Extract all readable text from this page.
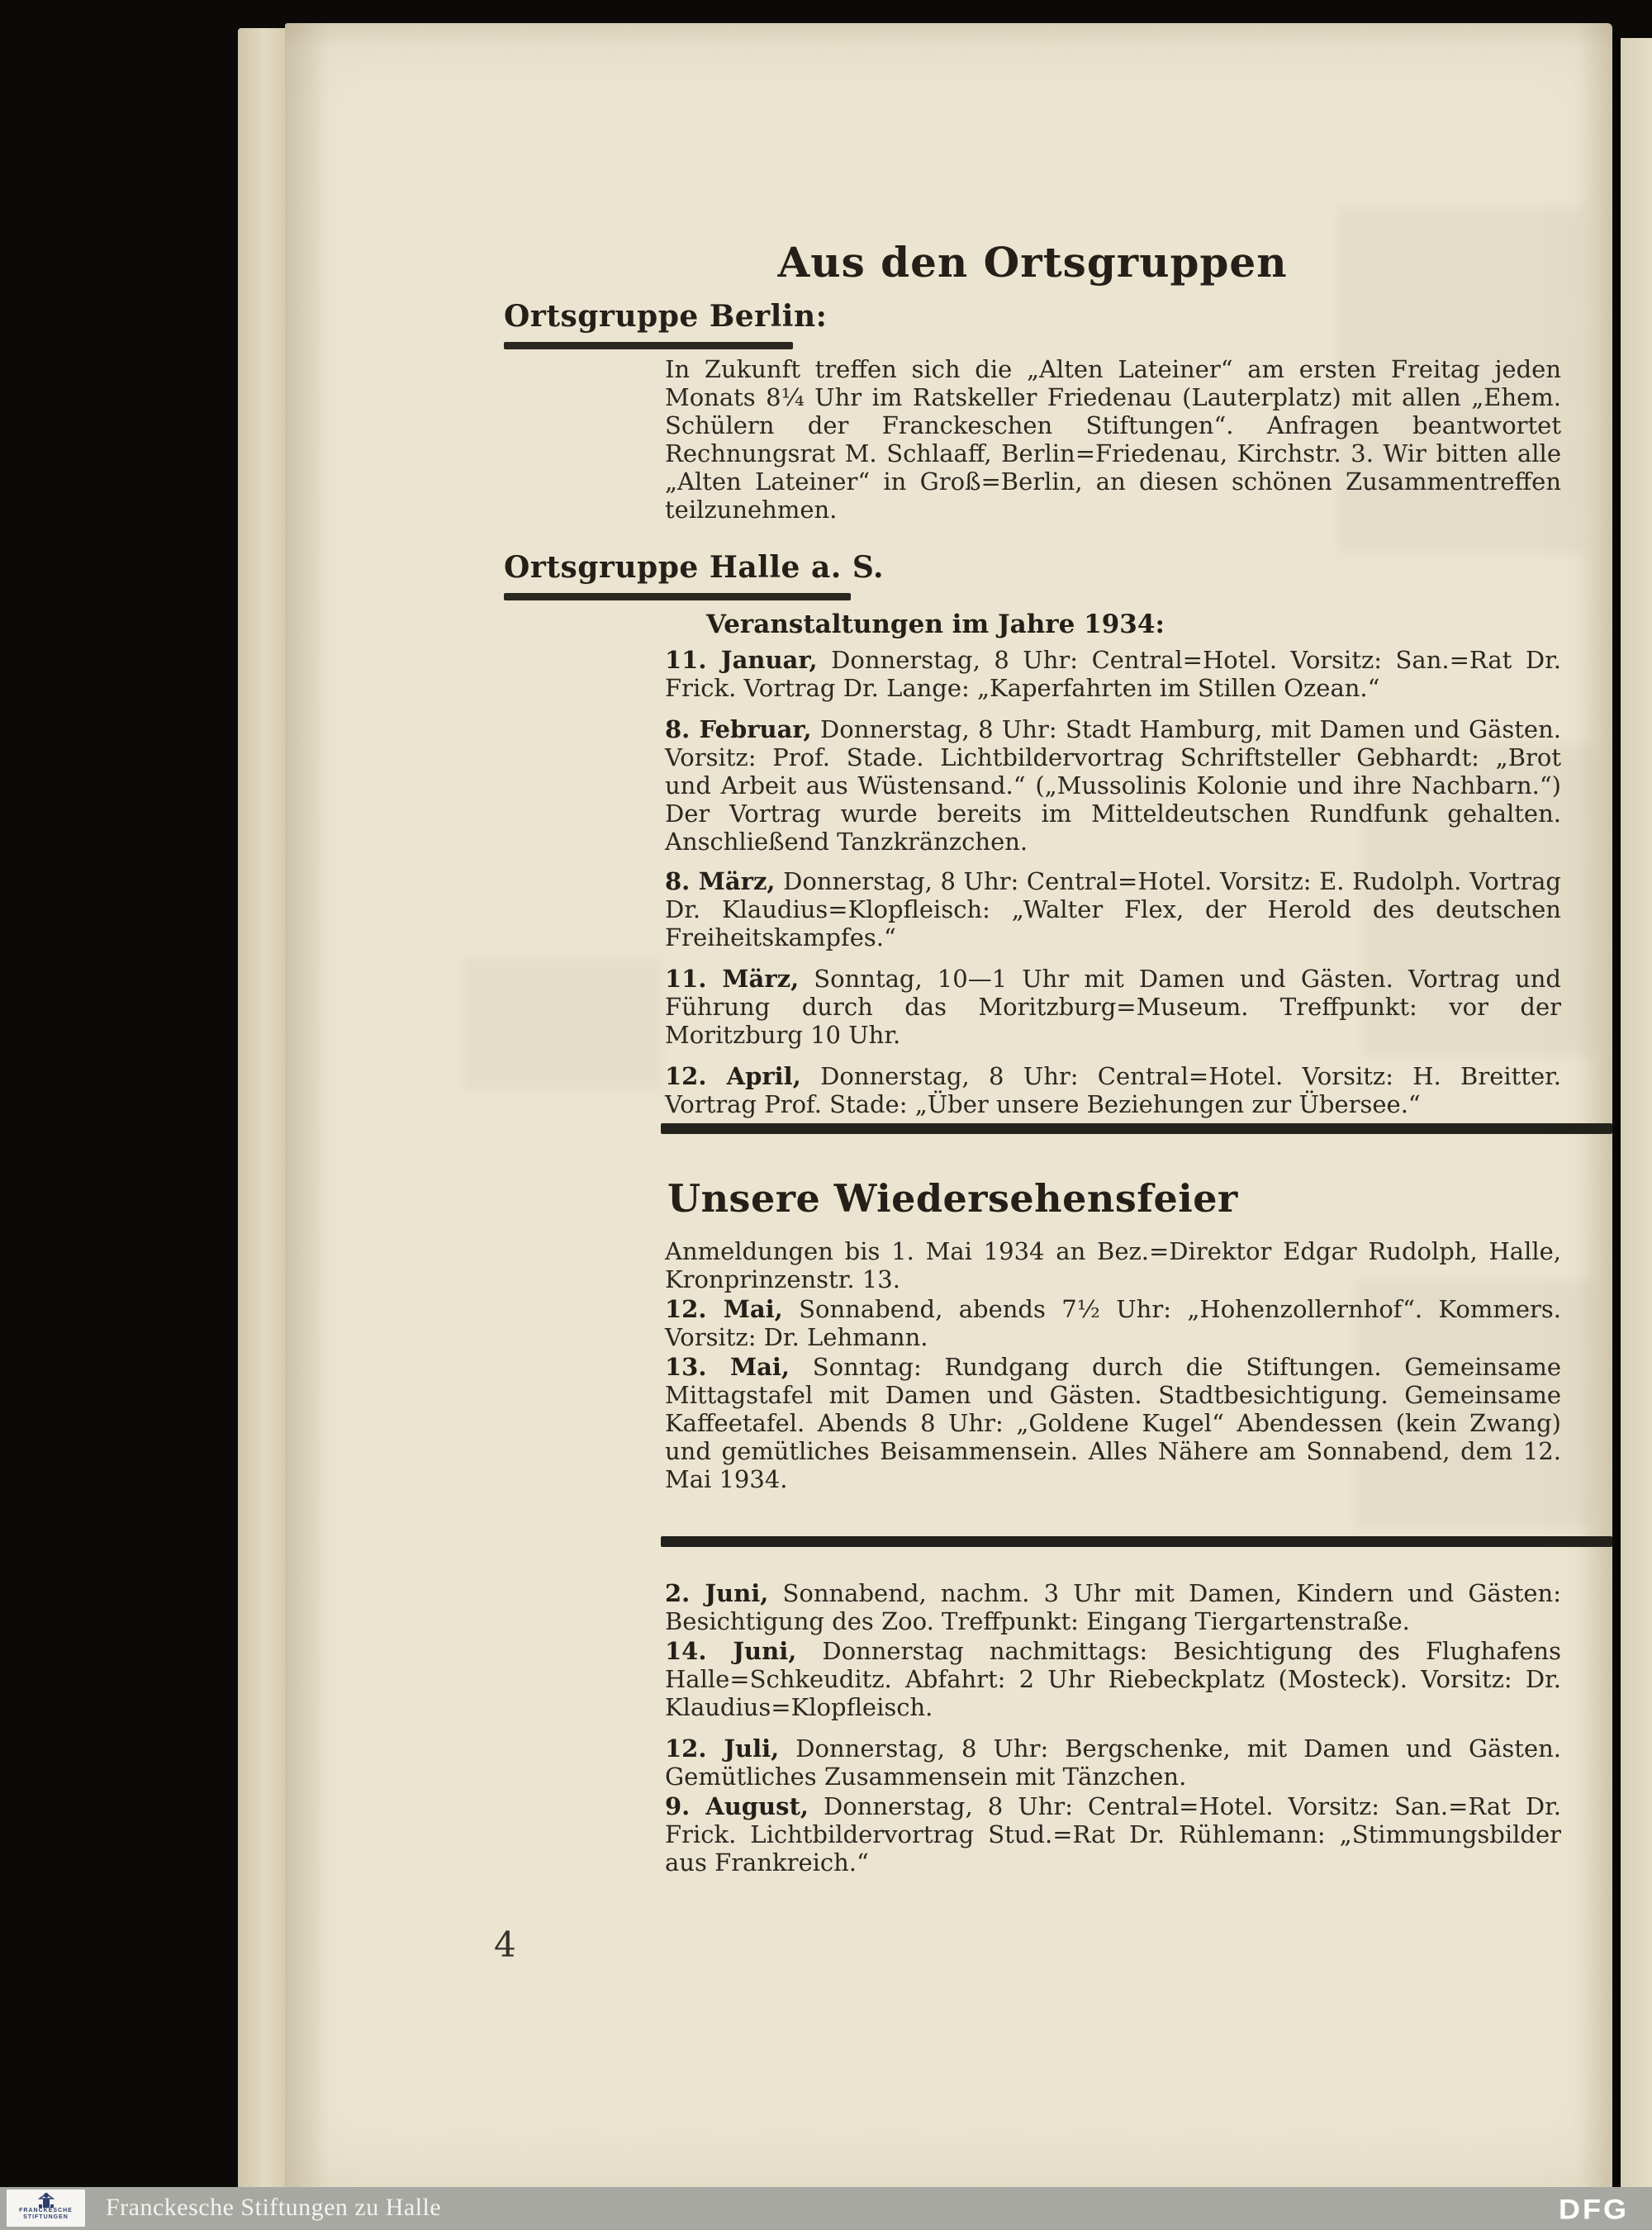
Aus den Ortsgruppen
Ortsgruppe Berlin:

In Zukunft treffen sich die „Alten Lateiner“ am ersten Freitag jeden Monats 8¼ Uhr im Ratskeller Friedenau (Lauterplatz) mit allen „Ehem. Schülern der Franckeschen Stiftungen“. Anfragen beantwortet Rechnungsrat M. Schlaaff, Berlin=Friedenau, Kirchstr. 3. Wir bitten alle „Alten Lateiner“ in Groß=Berlin, an diesen schönen Zusammentreffen teilzunehmen.

Ortsgruppe Halle a. S.
Veranstaltungen im Jahre 1934:

11. Januar, Donnerstag, 8 Uhr: Central=Hotel. Vorsitz: San.=Rat Dr. Frick. Vortrag Dr. Lange: „Kaperfahrten im Stillen Ozean.“

8. Februar, Donnerstag, 8 Uhr: Stadt Hamburg, mit Damen und Gästen. Vorsitz: Prof. Stade. Lichtbildervortrag Schriftsteller Gebhardt: „Brot und Arbeit aus Wüstensand.“ („Mussolinis Kolonie und ihre Nachbarn.“) Der Vortrag wurde bereits im Mitteldeutschen Rundfunk gehalten. Anschließend Tanzkränzchen.

8. März, Donnerstag, 8 Uhr: Central=Hotel. Vorsitz: E. Rudolph. Vortrag Dr. Klaudius=Klopfleisch: „Walter Flex, der Herold des deutschen Freiheitskampfes.“

11. März, Sonntag, 10—1 Uhr mit Damen und Gästen. Vortrag und Führung durch das Moritzburg=Museum. Treffpunkt: vor der Moritzburg 10 Uhr.

12. April, Donnerstag, 8 Uhr: Central=Hotel. Vorsitz: H. Breitter. Vortrag Prof. Stade: „Über unsere Beziehungen zur Übersee.“

Unsere Wiedersehensfeier

Anmeldungen bis 1. Mai 1934 an Bez.=Direktor Edgar Rudolph, Halle, Kronprinzenstr. 13.

12. Mai, Sonnabend, abends 7½ Uhr: „Hohenzollernhof“. Kommers. Vorsitz: Dr. Lehmann.

13. Mai, Sonntag: Rundgang durch die Stiftungen. Gemeinsame Mittagstafel mit Damen und Gästen. Stadtbesichtigung. Gemeinsame Kaffeetafel. Abends 8 Uhr: „Goldene Kugel“ Abendessen (kein Zwang) und gemütliches Beisammensein. Alles Nähere am Sonnabend, dem 12. Mai 1934.

2. Juni, Sonnabend, nachm. 3 Uhr mit Damen, Kindern und Gästen: Besichtigung des Zoo. Treffpunkt: Eingang Tiergartenstraße.

14. Juni, Donnerstag nachmittags: Besichtigung des Flughafens Halle=Schkeuditz. Abfahrt: 2 Uhr Riebeckplatz (Mosteck). Vorsitz: Dr. Klaudius=Klopfleisch.

12. Juli, Donnerstag, 8 Uhr: Bergschenke, mit Damen und Gästen. Gemütliches Zusammensein mit Tänzchen.

9. August, Donnerstag, 8 Uhr: Central=Hotel. Vorsitz: San.=Rat Dr. Frick. Lichtbildervortrag Stud.=Rat Dr. Rühlemann: „Stimmungsbilder aus Frankreich.“

4
FRANCKESCHE
STIFTUNGEN Franckesche Stiftungen zu Halle	DFG
